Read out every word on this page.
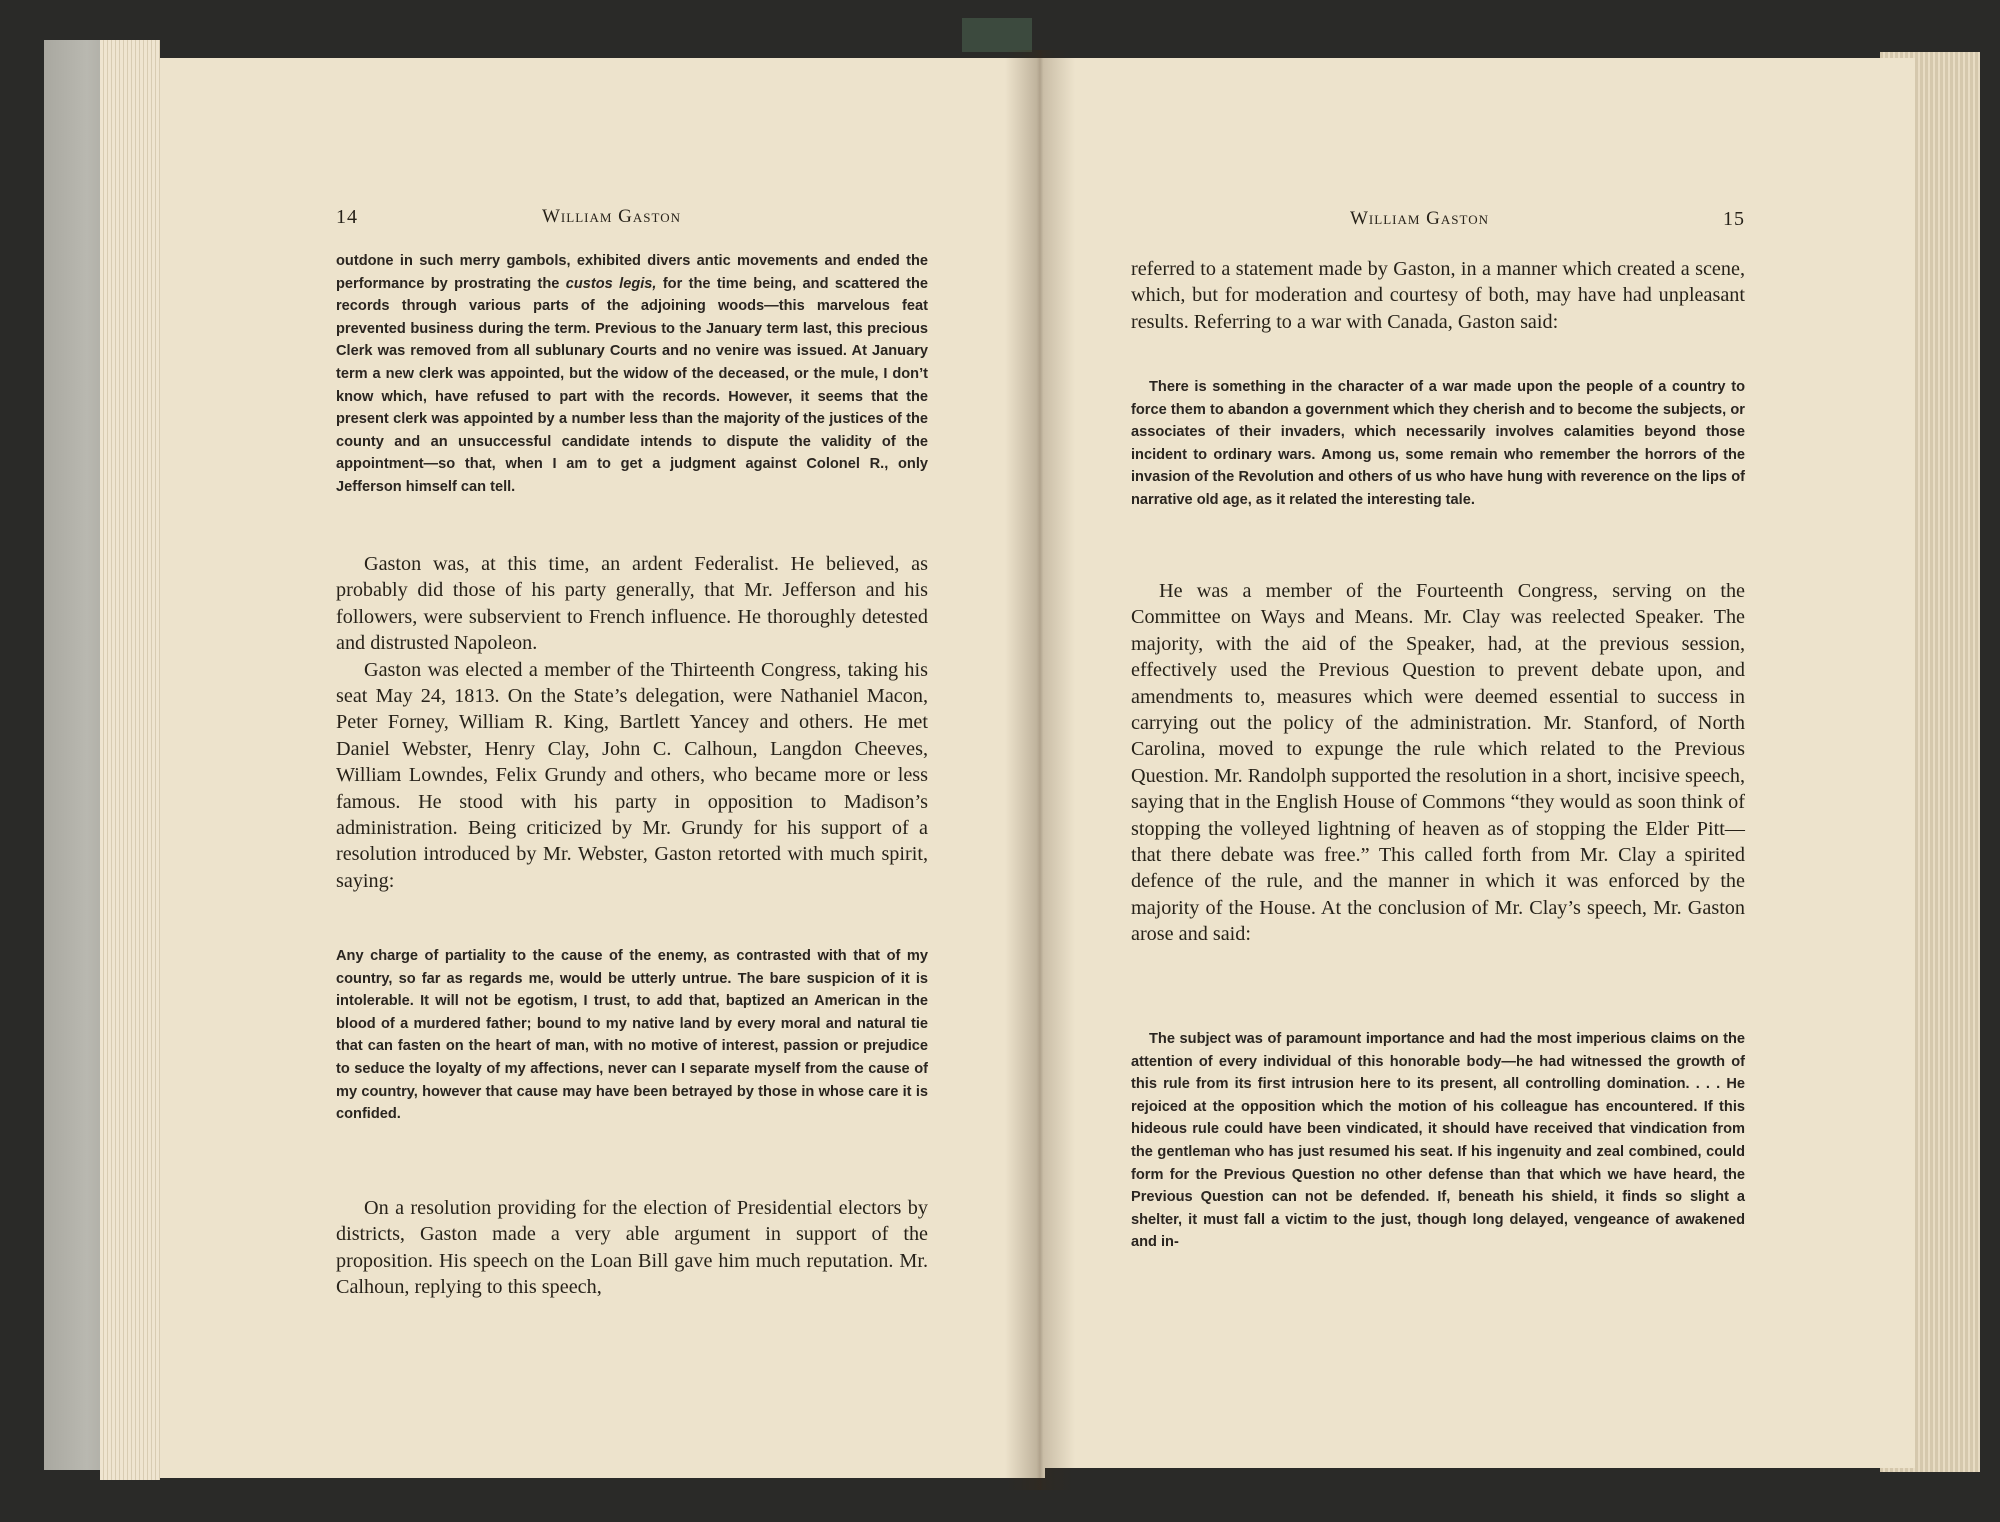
14	William Gaston

outdone in such merry gambols, exhibited divers antic movements and ended the performance by prostrating the custos legis, for the time being, and scattered the records through various parts of the adjoining woods—this marvelous feat prevented business during the term. Previous to the January term last, this precious Clerk was removed from all sublunary Courts and no venire was issued. At January term a new clerk was appointed, but the widow of the deceased, or the mule, I don’t know which, have refused to part with the records. However, it seems that the present clerk was appointed by a number less than the majority of the justices of the county and an unsuccessful candidate intends to dispute the validity of the appointment—so that, when I am to get a judgment against Colonel R., only Jefferson himself can tell.

Gaston was, at this time, an ardent Federalist. He believed, as probably did those of his party generally, that Mr. Jefferson and his followers, were subservient to French influence. He thoroughly detested and distrusted Napoleon.

Gaston was elected a member of the Thirteenth Congress, taking his seat May 24, 1813. On the State’s delegation, were Nathaniel Macon, Peter Forney, William R. King, Bartlett Yancey and others. He met Daniel Webster, Henry Clay, John C. Calhoun, Langdon Cheeves, William Lowndes, Felix Grundy and others, who became more or less famous. He stood with his party in opposition to Madison’s administration. Being criticized by Mr. Grundy for his support of a resolution introduced by Mr. Webster, Gaston retorted with much spirit, saying:

Any charge of partiality to the cause of the enemy, as contrasted with that of my country, so far as regards me, would be utterly untrue. The bare suspicion of it is intolerable. It will not be egotism, I trust, to add that, baptized an American in the blood of a murdered father; bound to my native land by every moral and natural tie that can fasten on the heart of man, with no motive of interest, passion or prejudice to seduce the loyalty of my affections, never can I separate myself from the cause of my country, however that cause may have been betrayed by those in whose care it is confided.

On a resolution providing for the election of Presidential electors by districts, Gaston made a very able argument in support of the proposition. His speech on the Loan Bill gave him much reputation. Mr. Calhoun, replying to this speech,

William Gaston	15

referred to a statement made by Gaston, in a manner which created a scene, which, but for moderation and courtesy of both, may have had unpleasant results. Referring to a war with Canada, Gaston said:

There is something in the character of a war made upon the people of a country to force them to abandon a government which they cherish and to become the subjects, or associates of their invaders, which necessarily involves calamities beyond those incident to ordinary wars. Among us, some remain who remember the horrors of the invasion of the Revolution and others of us who have hung with reverence on the lips of narrative old age, as it related the interesting tale.

He was a member of the Fourteenth Congress, serving on the Committee on Ways and Means. Mr. Clay was reelected Speaker. The majority, with the aid of the Speaker, had, at the previous session, effectively used the Previous Question to prevent debate upon, and amendments to, measures which were deemed essential to success in carrying out the policy of the administration. Mr. Stanford, of North Carolina, moved to expunge the rule which related to the Previous Question. Mr. Randolph supported the resolution in a short, incisive speech, saying that in the English House of Commons “they would as soon think of stopping the volleyed lightning of heaven as of stopping the Elder Pitt—that there debate was free.” This called forth from Mr. Clay a spirited defence of the rule, and the manner in which it was enforced by the majority of the House. At the conclusion of Mr. Clay’s speech, Mr. Gaston arose and said:

The subject was of paramount importance and had the most imperious claims on the attention of every individual of this honorable body—he had witnessed the growth of this rule from its first intrusion here to its present, all controlling domination. . . . He rejoiced at the opposition which the motion of his colleague has encountered. If this hideous rule could have been vindicated, it should have received that vindication from the gentleman who has just resumed his seat. If his ingenuity and zeal combined, could form for the Previous Question no other defense than that which we have heard, the Previous Question can not be defended. If, beneath his shield, it finds so slight a shelter, it must fall a victim to the just, though long delayed, vengeance of awakened and in-
